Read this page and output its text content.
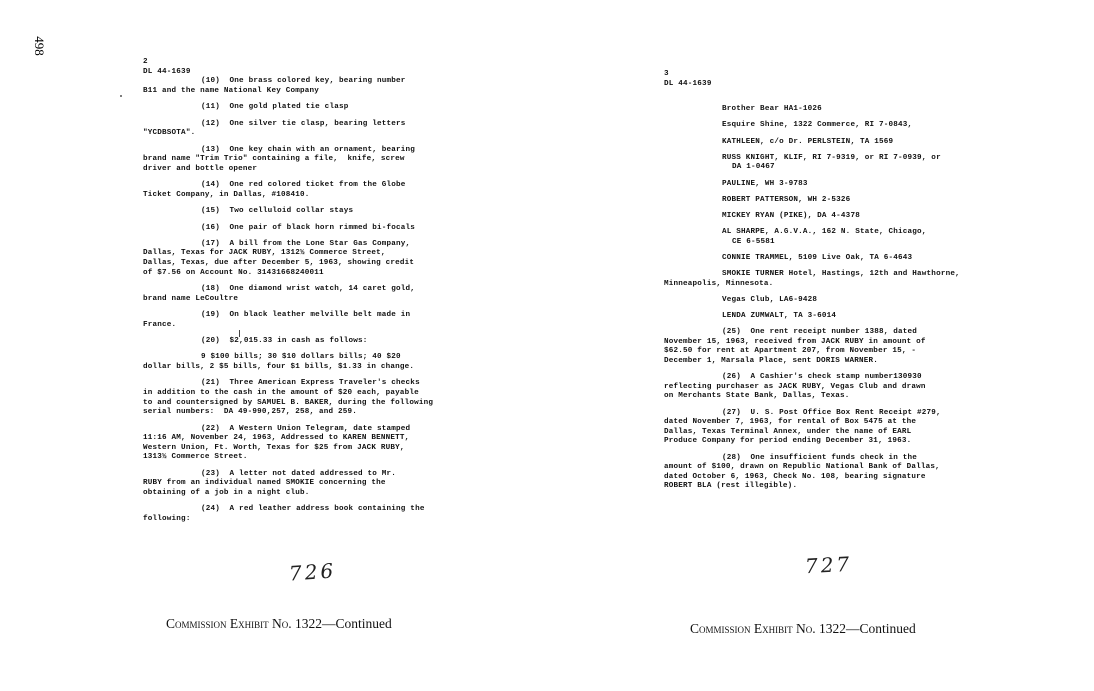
498
2
DL 44-1639
(10)  One brass colored key, bearing number
B11 and the name National Key Company
(11)  One gold plated tie clasp
(12)  One silver tie clasp, bearing letters
"YCDBSOTA".
(13)  One key chain with an ornament, bearing
brand name "Trim Trio" containing a file,  knife, screw
driver and bottle opener
(14)  One red colored ticket from the Globe
Ticket Company, in Dallas, #108410.
(15)  Two celluloid collar stays
(16)  One pair of black horn rimmed bi-focals
(17)  A bill from the Lone Star Gas Company,
Dallas, Texas for JACK RUBY, 1312½ Commerce Street,
Dallas, Texas, due after December 5, 1963, showing credit
of $7.56 on Account No. 31431668240011
(18)  One diamond wrist watch, 14 caret gold,
brand name LeCoultre
(19)  On black leather melville belt made in
France.
(20)  $2,015.33 in cash as follows:
9 $100 bills; 30 $10 dollars bills; 40 $20
dollar bills, 2 $5 bills, four $1 bills, $1.33 in change.
(21)  Three American Express Traveler's checks
in addition to the cash in the amount of $20 each, payable
to and countersigned by SAMUEL B. BAKER, during the following
serial numbers:  DA 49-990,257, 258, and 259.
(22)  A Western Union Telegram, date stamped
11:16 AM, November 24, 1963, Addressed to KAREN BENNETT,
Western Union, Ft. Worth, Texas for $25 from JACK RUBY,
1313½ Commerce Street.
(23)  A letter not dated addressed to Mr.
RUBY from an individual named SMOKIE concerning the
obtaining of a job in a night club.
(24)  A red leather address book containing the
following:
3
DL 44-1639
Brother Bear HA1-1026
Esquire Shine, 1322 Commerce, RI 7-0843,
KATHLEEN, c/o Dr. PERLSTEIN, TA 1569
RUSS KNIGHT, KLIF, RI 7-9319, or RI 7-0939, or
DA 1-0467
PAULINE, WH 3-9783
ROBERT PATTERSON, WH 2-5326
MICKEY RYAN (PIKE), DA 4-4378
AL SHARPE, A.G.V.A., 162 N. State, Chicago,
CE 6-5581
CONNIE TRAMMEL, 5109 Live Oak, TA 6-4643
SMOKIE TURNER Hotel, Hastings, 12th and Hawthorne,
Minneapolis, Minnesota.
Vegas Club, LA6-9428
LENDA ZUMWALT, TA 3-6014
(25)  One rent receipt number 1388, dated
November 15, 1963, received from JACK RUBY in amount of
$62.50 for rent at Apartment 207, from November 15, -
December 1, Marsala Place, sent DORIS WARNER.
(26)  A Cashier's check stamp number130930
reflecting purchaser as JACK RUBY, Vegas Club and drawn
on Merchants State Bank, Dallas, Texas.
(27)  U. S. Post Office Box Rent Receipt #279,
dated November 7, 1963, for rental of Box 5475 at the
Dallas, Texas Terminal Annex, under the name of EARL
Produce Company for period ending December 31, 1963.
(28)  One insufficient funds check in the
amount of $100, drawn on Republic National Bank of Dallas,
dated October 6, 1963, Check No. 108, bearing signature
ROBERT BLA (rest illegible).
726	727
Commission Exhibit No. 1322—Continued	Commission Exhibit No. 1322—Continued
